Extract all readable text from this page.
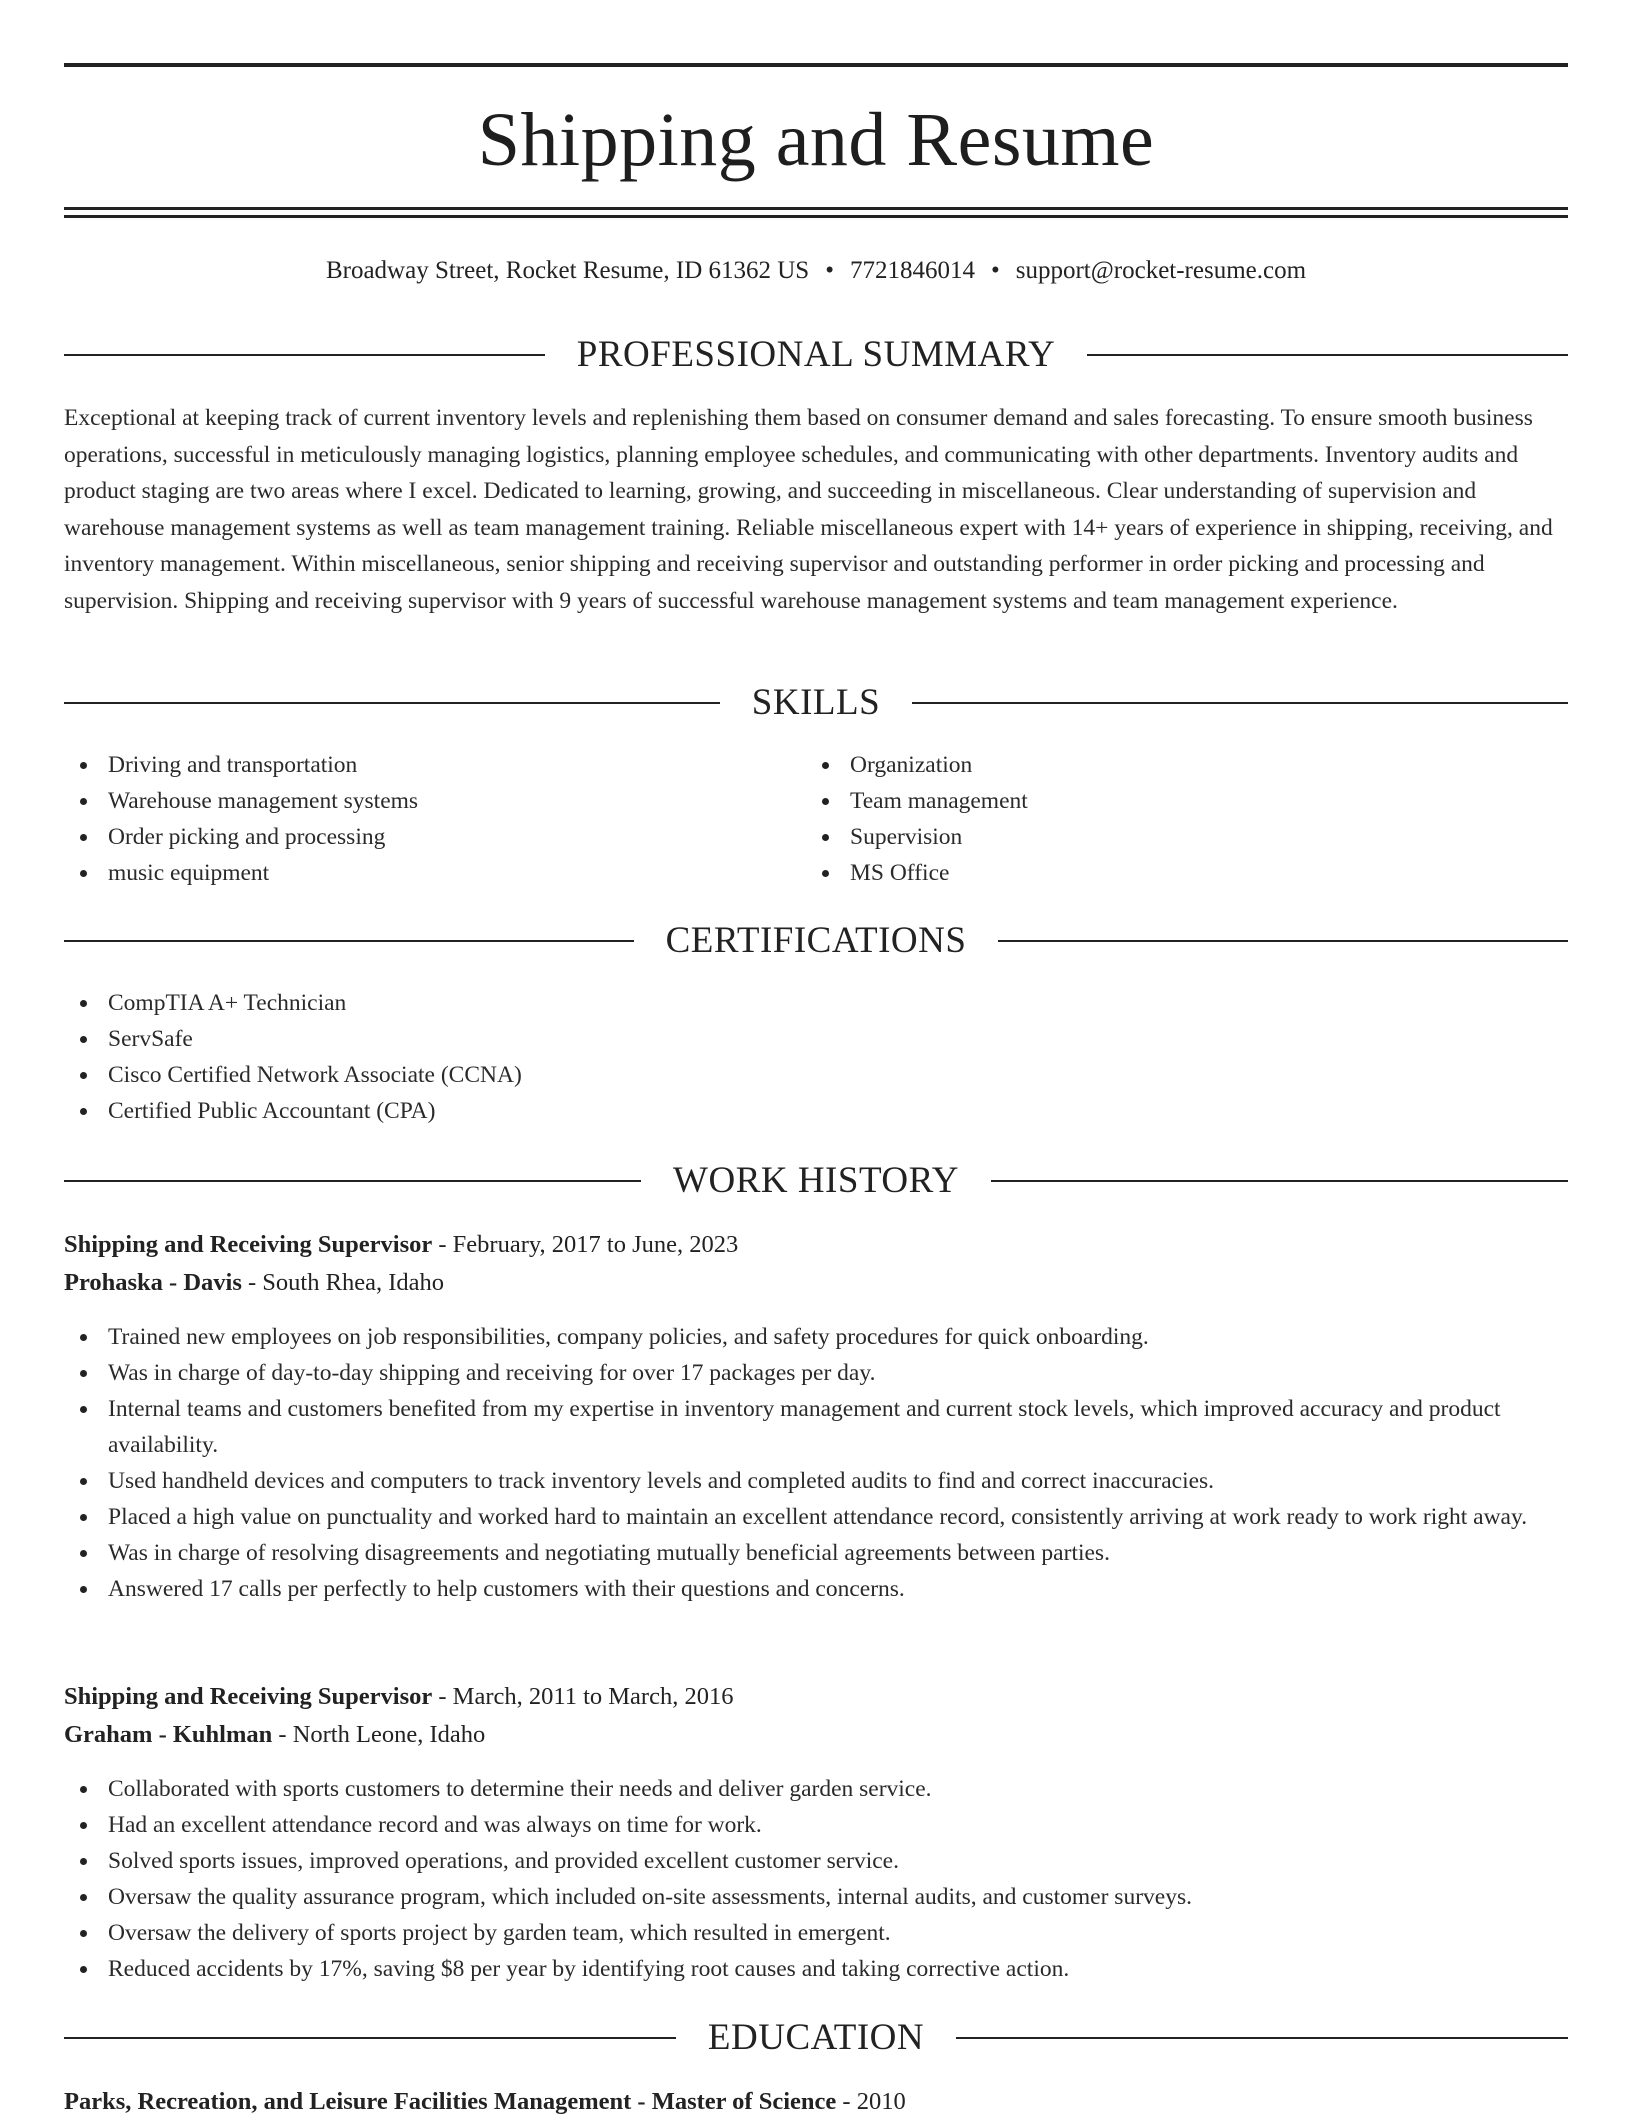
Shipping and Resume
Broadway Street, Rocket Resume, ID 61362 US • 7721846014 • support@rocket-resume.com
PROFESSIONAL SUMMARY

Exceptional at keeping track of current inventory levels and replenishing them based on consumer demand and sales forecasting. To ensure smooth business operations, successful in meticulously managing logistics, planning employee schedules, and communicating with other departments. Inventory audits and product staging are two areas where I excel. Dedicated to learning, growing, and succeeding in miscellaneous. Clear understanding of supervision and warehouse management systems as well as team management training. Reliable miscellaneous expert with 14+ years of experience in shipping, receiving, and inventory management. Within miscellaneous, senior shipping and receiving supervisor and outstanding performer in order picking and processing and supervision. Shipping and receiving supervisor with 9 years of successful warehouse management systems and team management experience.

SKILLS
Driving and transportation
Warehouse management systems
Order picking and processing
music equipment
Organization
Team management
Supervision
MS Office
CERTIFICATIONS
CompTIA A+ Technician
ServSafe
Cisco Certified Network Associate (CCNA)
Certified Public Accountant (CPA)
WORK HISTORY
Shipping and Receiving Supervisor - February, 2017 to June, 2023
Prohaska - Davis - South Rhea, Idaho
Trained new employees on job responsibilities, company policies, and safety procedures for quick onboarding.
Was in charge of day-to-day shipping and receiving for over 17 packages per day.
Internal teams and customers benefited from my expertise in inventory management and current stock levels, which improved accuracy and product availability.
Used handheld devices and computers to track inventory levels and completed audits to find and correct inaccuracies.
Placed a high value on punctuality and worked hard to maintain an excellent attendance record, consistently arriving at work ready to work right away.
Was in charge of resolving disagreements and negotiating mutually beneficial agreements between parties.
Answered 17 calls per perfectly to help customers with their questions and concerns.
Shipping and Receiving Supervisor - March, 2011 to March, 2016
Graham - Kuhlman - North Leone, Idaho
Collaborated with sports customers to determine their needs and deliver garden service.
Had an excellent attendance record and was always on time for work.
Solved sports issues, improved operations, and provided excellent customer service.
Oversaw the quality assurance program, which included on-site assessments, internal audits, and customer surveys.
Oversaw the delivery of sports project by garden team, which resulted in emergent.
Reduced accidents by 17%, saving $8 per year by identifying root causes and taking corrective action.
EDUCATION
Parks, Recreation, and Leisure Facilities Management - Master of Science - 2010
